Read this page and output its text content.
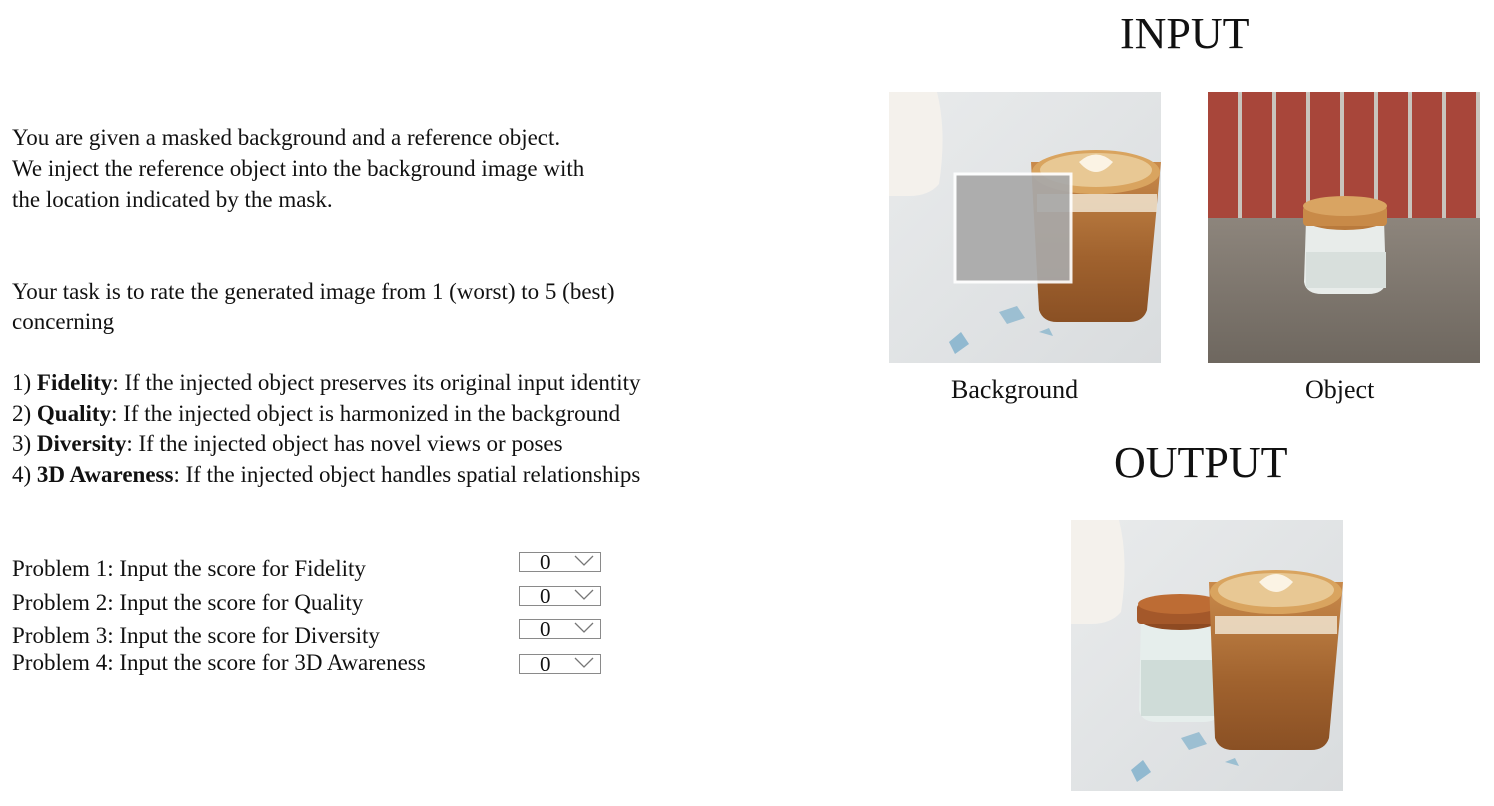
You are given a masked background and a reference object.
We inject the reference object into the background image with
the location indicated by the mask.
Your task is to rate the generated image from 1 (worst) to 5 (best)
concerning
1) Fidelity: If the injected object preserves its original input identity
2) Quality: If the injected object is harmonized in the background
3) Diversity: If the injected object has novel views or poses
4) 3D Awareness: If the injected object handles spatial relationships
Problem 1: Input the score for Fidelity	0
Problem 2: Input the score for Quality	0
Problem 3: Input the score for Diversity	0
Problem 4: Input the score for 3D Awareness	0
INPUT
Background	Object
OUTPUT
